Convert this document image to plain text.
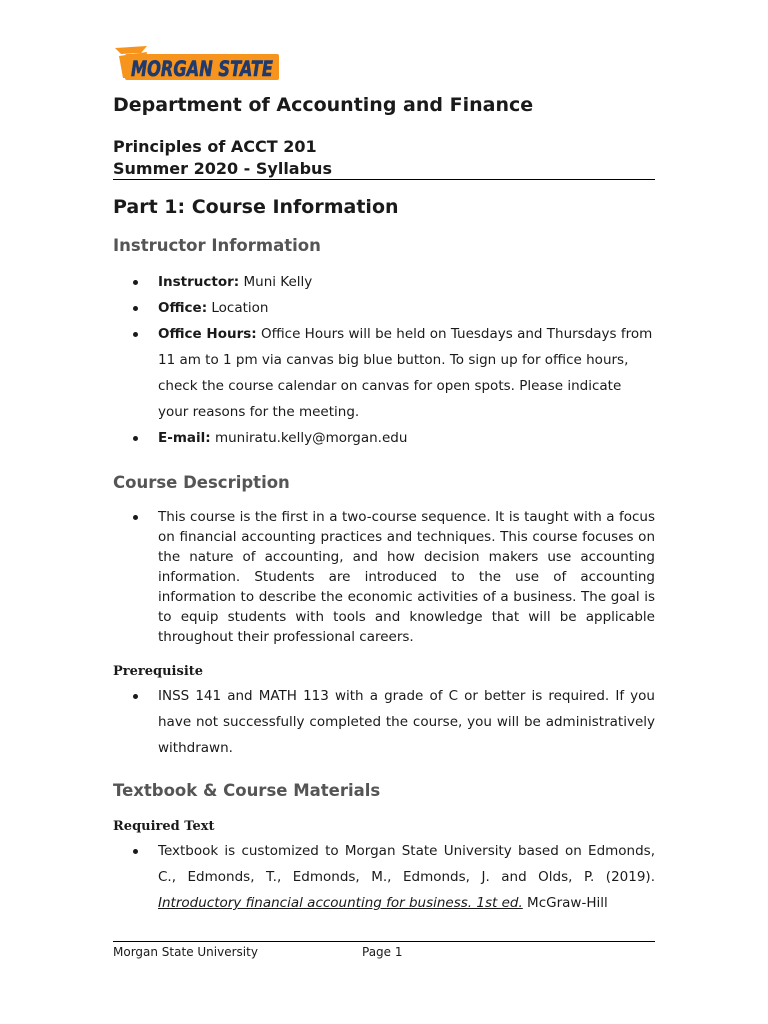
MORGAN STATE
Department of Accounting and Finance
Principles of ACCT 201
Summer 2020 - Syllabus
Part 1: Course Information
Instructor Information
Instructor: Muni Kelly
Office: Location
Office Hours: Office Hours will be held on Tuesdays and Thursdays from 11 am to 1 pm via canvas big blue button. To sign up for office hours, check the course calendar on canvas for open spots. Please indicate your reasons for the meeting.
E-mail: muniratu.kelly@morgan.edu
Course Description
This course is the first in a two-course sequence. It is taught with a focus on financial accounting practices and techniques. This course focuses on the nature of accounting, and how decision makers use accounting information. Students are introduced to the use of accounting information to describe the economic activities of a business. The goal is to equip students with tools and knowledge that will be applicable throughout their professional careers.
Prerequisite
INSS 141 and MATH 113 with a grade of C or better is required. If you have not successfully completed the course, you will be administratively withdrawn.
Textbook & Course Materials
Required Text
Textbook is customized to Morgan State University based on Edmonds, C., Edmonds, T., Edmonds, M., Edmonds, J. and Olds, P. (2019). Introductory financial accounting for business. 1st ed. McGraw-Hill
Morgan State University	Page 1
